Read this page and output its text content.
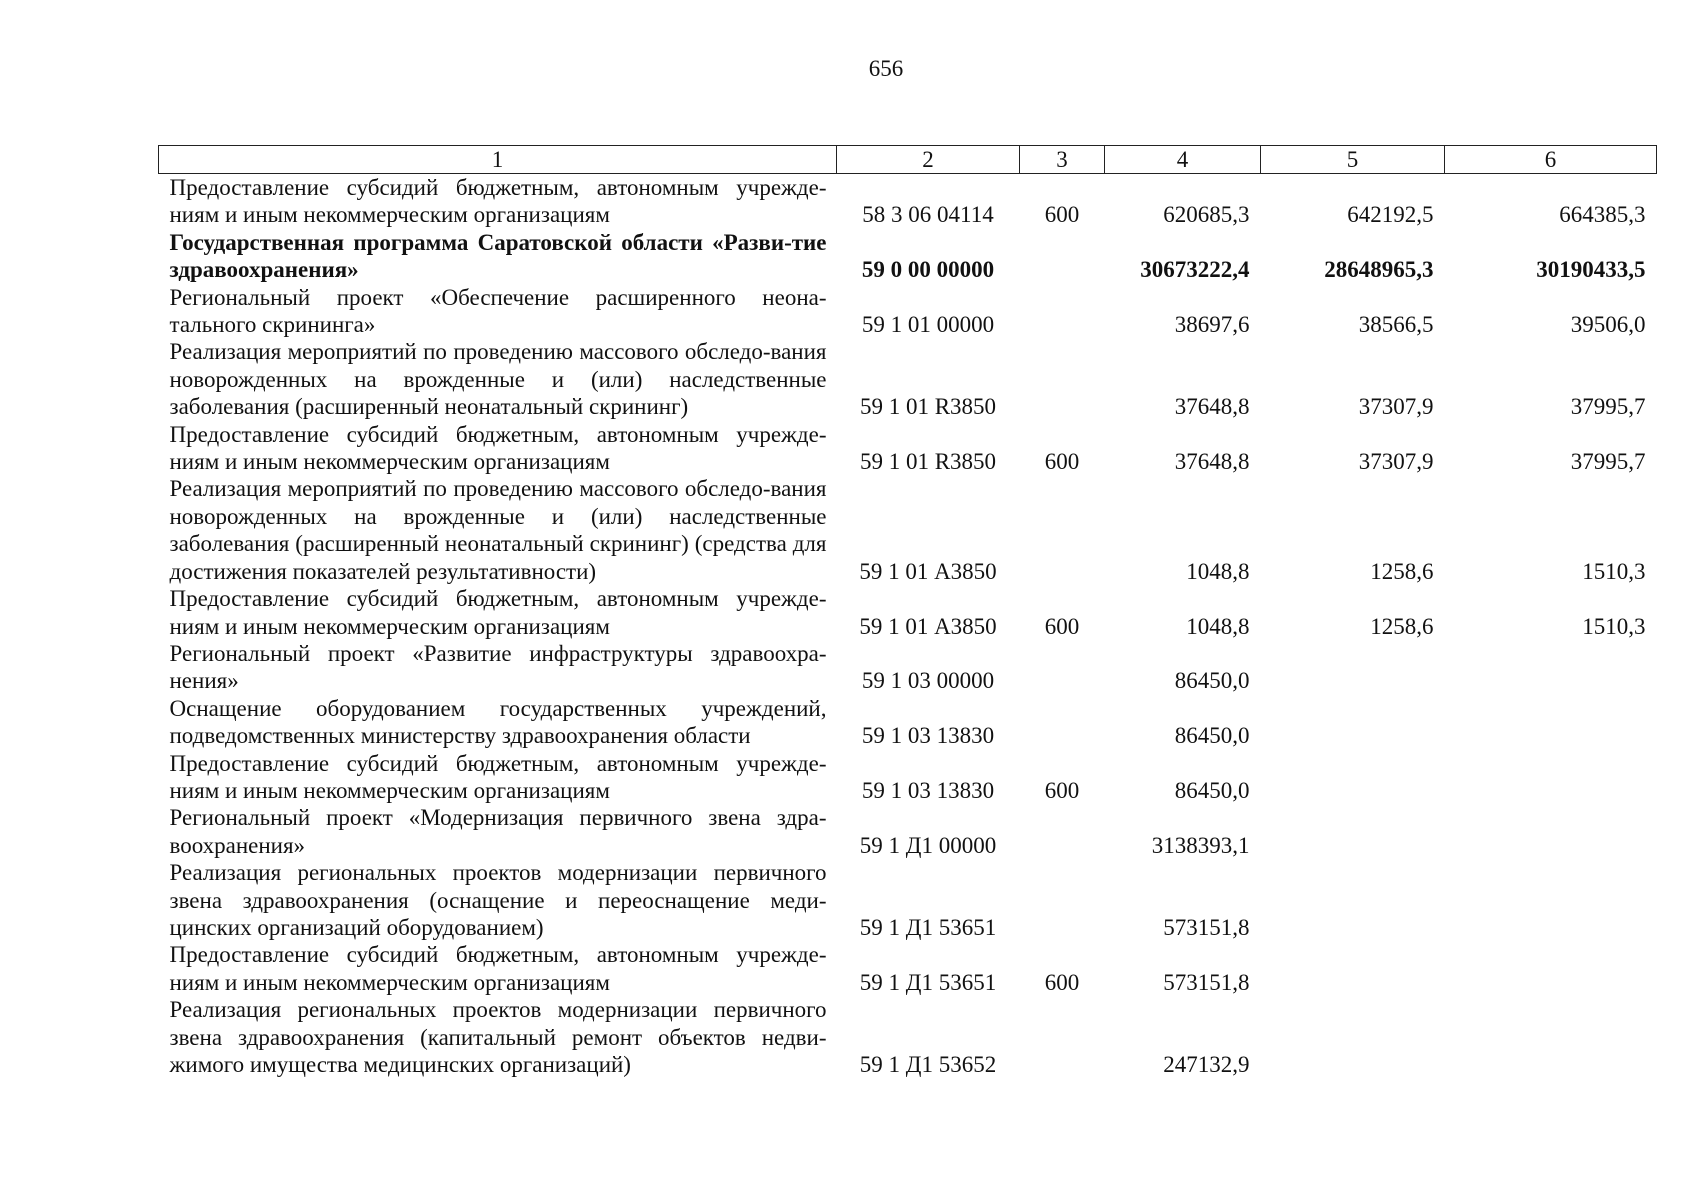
656
1	2	3	4	5	6
Предоставление субсидий бюджетным, автономным учрежде-ниям и иным некоммерческим организациям	58 3 06 04114	600	620685,3	642192,5	664385,3
Государственная программа Саратовской области «Разви-тие здравоохранения»	59 0 00 00000		30673222,4	28648965,3	30190433,5
Региональный проект «Обеспечение расширенного неона-тального скрининга»	59 1 01 00000		38697,6	38566,5	39506,0
Реализация мероприятий по проведению массового обследо-вания новорожденных на врожденные и (или) наследственные заболевания (расширенный неонатальный скрининг)	59 1 01 R3850		37648,8	37307,9	37995,7
Предоставление субсидий бюджетным, автономным учрежде-ниям и иным некоммерческим организациям	59 1 01 R3850	600	37648,8	37307,9	37995,7
Реализация мероприятий по проведению массового обследо-вания новорожденных на врожденные и (или) наследственные заболевания (расширенный неонатальный скрининг) (средства для достижения показателей результативности)	59 1 01 А3850		1048,8	1258,6	1510,3
Предоставление субсидий бюджетным, автономным учрежде-ниям и иным некоммерческим организациям	59 1 01 А3850	600	1048,8	1258,6	1510,3
Региональный проект «Развитие инфраструктуры здравоохра-нения»	59 1 03 00000		86450,0		
Оснащение оборудованием государственных учреждений, подведомственных министерству здравоохранения области	59 1 03 13830		86450,0		
Предоставление субсидий бюджетным, автономным учрежде-ниям и иным некоммерческим организациям	59 1 03 13830	600	86450,0		
Региональный проект «Модернизация первичного звена здра-воохранения»	59 1 Д1 00000		3138393,1		
Реализация региональных проектов модернизации первичного звена здравоохранения (оснащение и переоснащение меди-цинских организаций оборудованием)	59 1 Д1 53651		573151,8		
Предоставление субсидий бюджетным, автономным учрежде-ниям и иным некоммерческим организациям	59 1 Д1 53651	600	573151,8		
Реализация региональных проектов модернизации первичного звена здравоохранения (капитальный ремонт объектов недви-жимого имущества медицинских организаций)	59 1 Д1 53652		247132,9		
